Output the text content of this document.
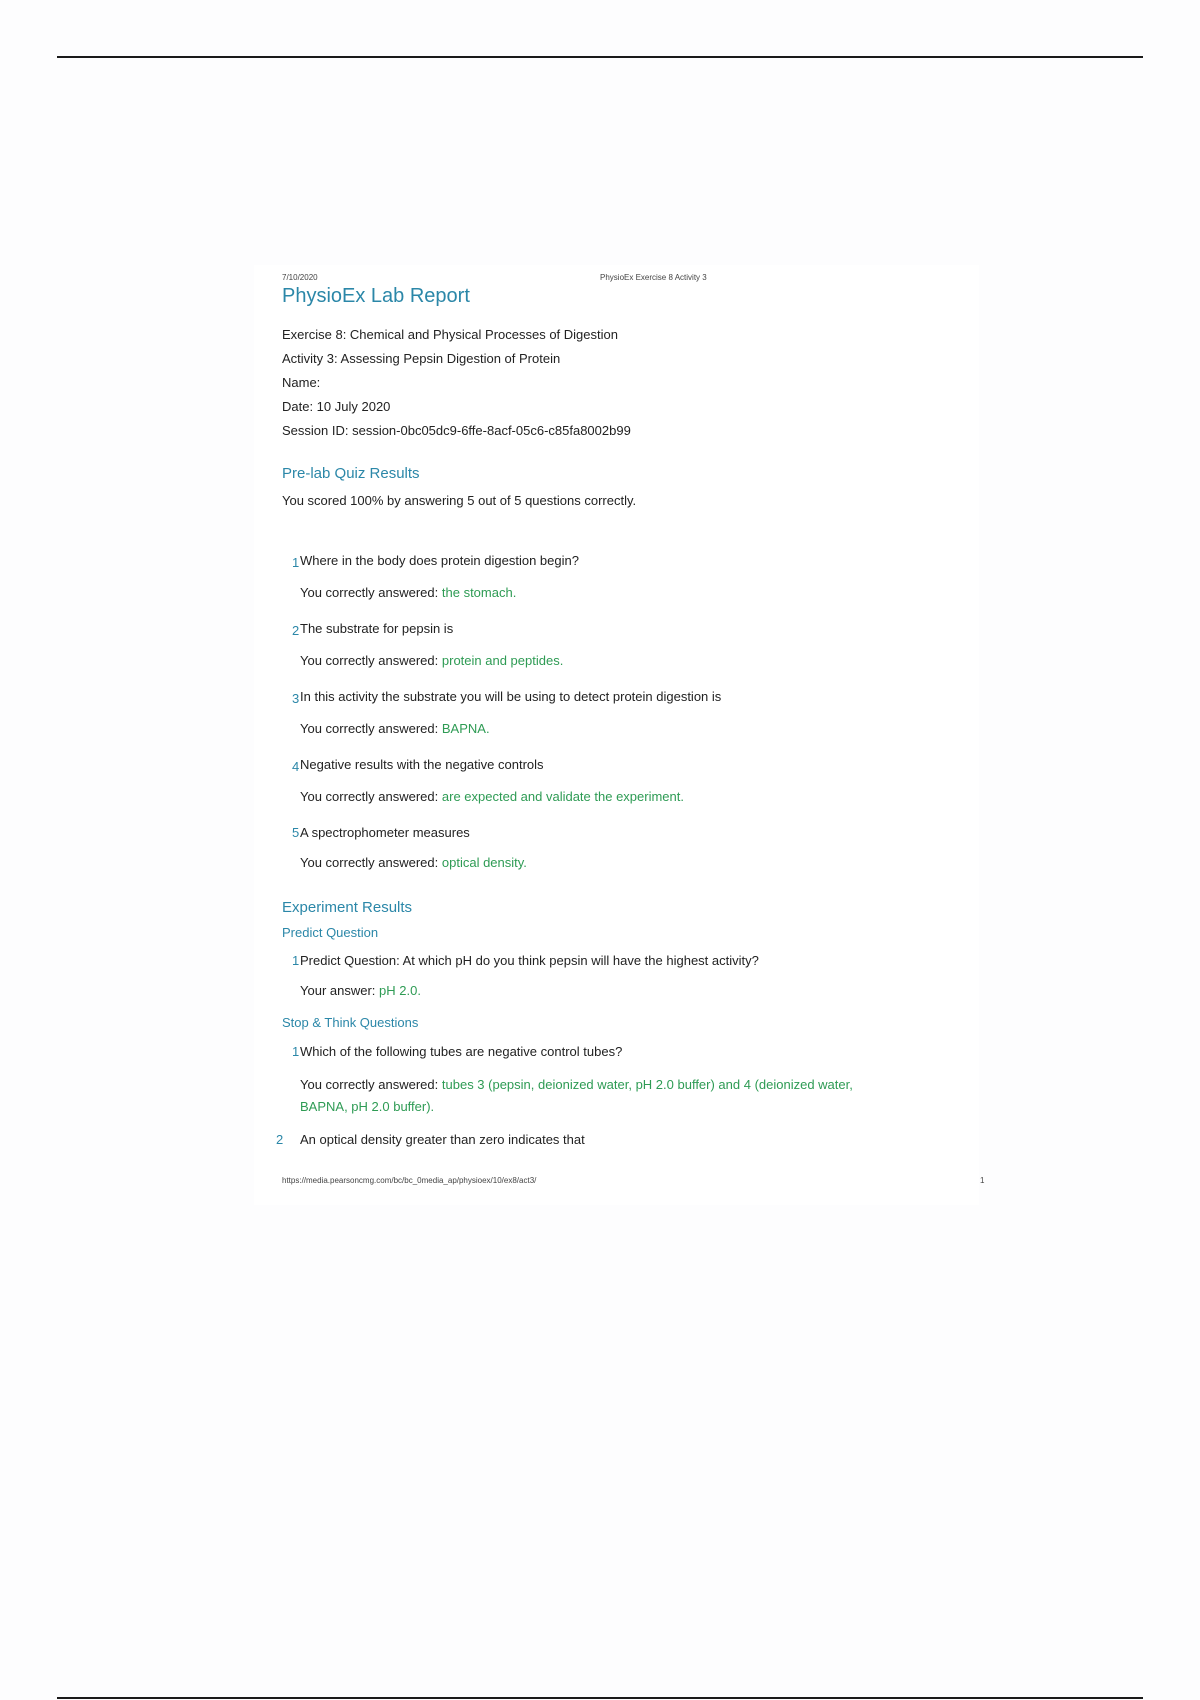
7/10/2020	PhysioEx Exercise 8 Activity 3
PhysioEx Lab Report
Exercise 8: Chemical and Physical Processes of Digestion
Activity 3: Assessing Pepsin Digestion of Protein
Name:
Date: 10 July 2020
Session ID: session-0bc05dc9-6ffe-8acf-05c6-c85fa8002b99
Pre-lab Quiz Results
You scored 100% by answering 5 out of 5 questions correctly.
1 Where in the body does protein digestion begin?
You correctly answered: the stomach.
2 The substrate for pepsin is
You correctly answered: protein and peptides.
3 In this activity the substrate you will be using to detect protein digestion is
You correctly answered: BAPNA.
4 Negative results with the negative controls
You correctly answered: are expected and validate the experiment.
5 A spectrophometer measures
You correctly answered: optical density.
Experiment Results
Predict Question
1 Predict Question: At which pH do you think pepsin will have the highest activity?
Your answer: pH 2.0.
Stop & Think Questions
1 Which of the following tubes are negative control tubes?
You correctly answered: tubes 3 (pepsin, deionized water, pH 2.0 buffer) and 4 (deionized water, BAPNA, pH 2.0 buffer).
2 An optical density greater than zero indicates that
https://media.pearsoncmg.com/bc/bc_0media_ap/physioex/10/ex8/act3/	1
